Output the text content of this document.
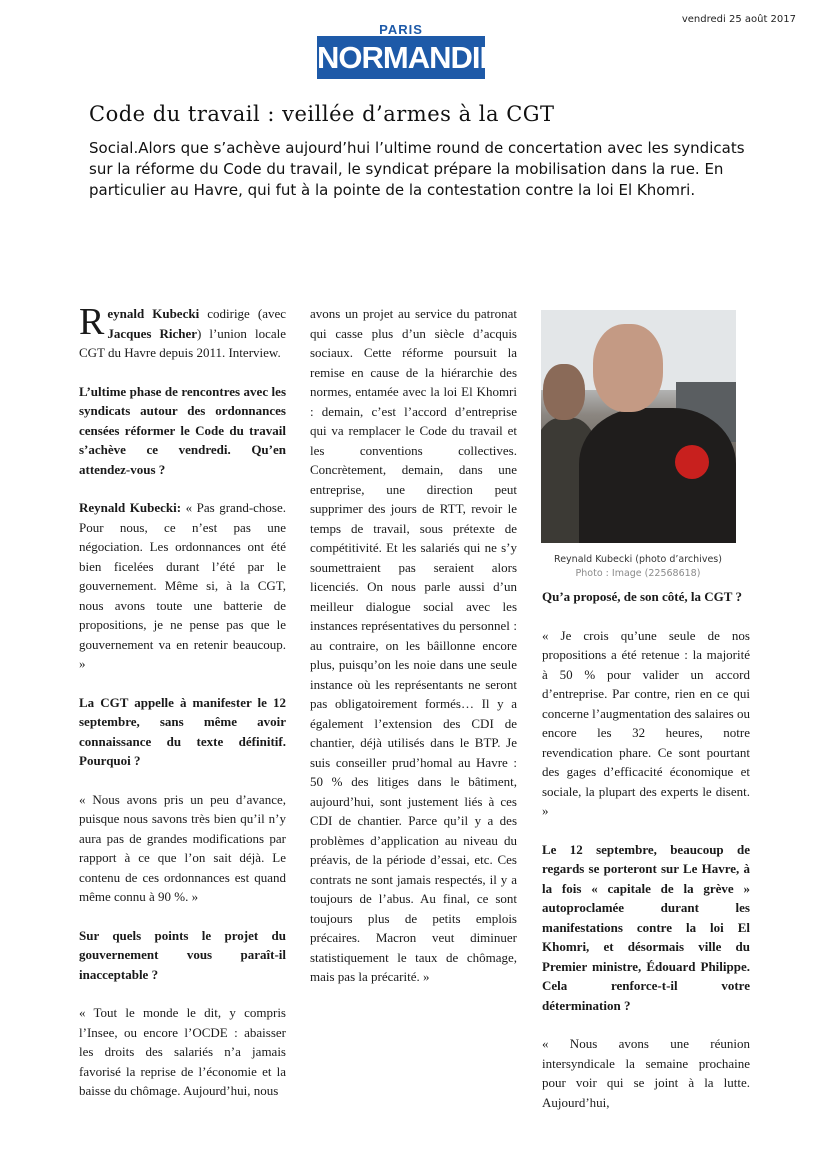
vendredi 25 août 2017
PARIS
NORMANDIE
Code du travail : veillée d’armes à la CGT

Social.Alors que s’achève aujourd’hui l’ultime round de concertation avec les syndicats sur la réforme du Code du travail, le syndicat prépare la mobilisation dans la rue. En particulier au Havre, qui fut à la pointe de la contestation contre la loi El Khomri.

Reynald Kubecki codirige (avec Jacques Richer) l’union locale CGT du Havre depuis 2011. Interview.

L’ultime phase de rencontres avec les syndicats autour des ordonnances censées réformer le Code du travail s’achève ce vendredi. Qu’en attendez-vous ?

Reynald Kubecki: « Pas grand-chose. Pour nous, ce n’est pas une négociation. Les ordonnances ont été bien ficelées durant l’été par le gouvernement. Même si, à la CGT, nous avons toute une batterie de propositions, je ne pense pas que le gouvernement va en retenir beaucoup. »

La CGT appelle à manifester le 12 septembre, sans même avoir connaissance du texte définitif. Pourquoi ?

« Nous avons pris un peu d’avance, puisque nous savons très bien qu’il n’y aura pas de grandes modifications par rapport à ce que l’on sait déjà. Le contenu de ces ordonnances est quand même connu à 90 %. »

Sur quels points le projet du gouvernement vous paraît-il inacceptable ?

« Tout le monde le dit, y compris l’Insee, ou encore l’OCDE : abaisser les droits des salariés n’a jamais favorisé la reprise de l’économie et la baisse du chômage. Aujourd’hui, nous

avons un projet au service du patronat qui casse plus d’un siècle d’acquis sociaux. Cette réforme poursuit la remise en cause de la hiérarchie des normes, entamée avec la loi El Khomri : demain, c’est l’accord d’entreprise qui va remplacer le Code du travail et les conventions collectives. Concrètement, demain, dans une entreprise, une direction peut supprimer des jours de RTT, revoir le temps de travail, sous prétexte de compétitivité. Et les salariés qui ne s’y soumettraient pas seraient alors licenciés. On nous parle aussi d’un meilleur dialogue social avec les instances représentatives du personnel : au contraire, on les bâillonne encore plus, puisqu’on les noie dans une seule instance où les représentants ne seront pas obligatoirement formés… Il y a également l’extension des CDI de chantier, déjà utilisés dans le BTP. Je suis conseiller prud’homal au Havre : 50 % des litiges dans le bâtiment, aujourd’hui, sont justement liés à ces CDI de chantier. Parce qu’il y a des problèmes d’application au niveau du préavis, de la période d’essai, etc. Ces contrats ne sont jamais respectés, il y a toujours de l’abus. Au final, ce sont toujours plus de petits emplois précaires. Macron veut diminuer statistiquement le taux de chômage, mais pas la précarité. »

Reynald Kubecki (photo d’archives) Photo : Image (22568618)

Qu’a proposé, de son côté, la CGT ?

« Je crois qu’une seule de nos propositions a été retenue : la majorité à 50 % pour valider un accord d’entreprise. Par contre, rien en ce qui concerne l’augmentation des salaires ou encore les 32 heures, notre revendication phare. Ce sont pourtant des gages d’efficacité économique et sociale, la plupart des experts le disent. »

Le 12 septembre, beaucoup de regards se porteront sur Le Havre, à la fois « capitale de la grève » autoproclamée durant les manifestations contre la loi El Khomri, et désormais ville du Premier ministre, Édouard Philippe. Cela renforce-t-il votre détermination ?

« Nous avons une réunion intersyndicale la semaine prochaine pour voir qui se joint à la lutte. Aujourd’hui,
